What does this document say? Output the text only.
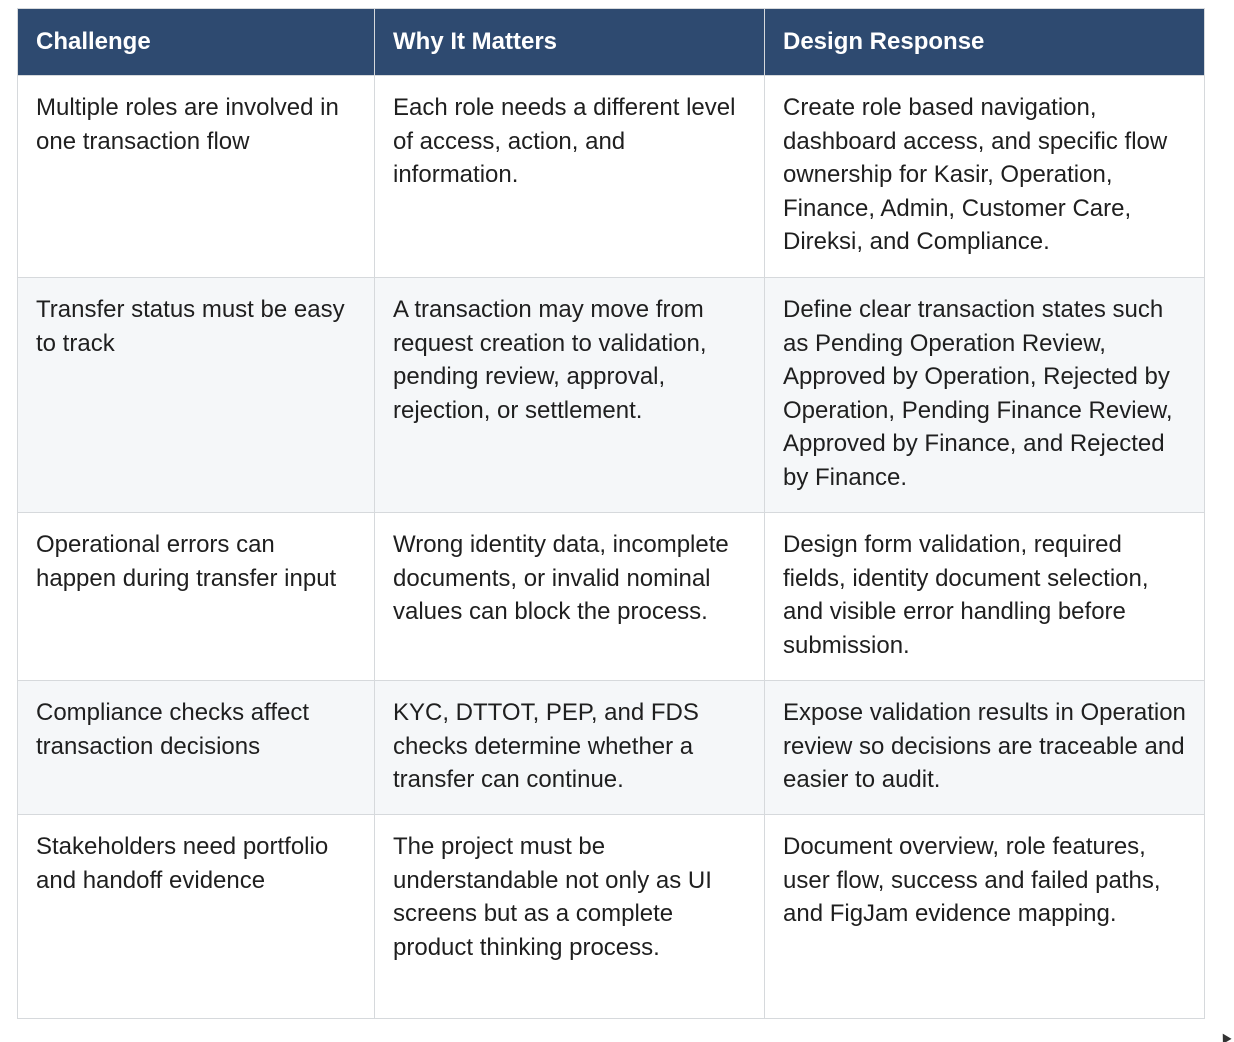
Challenge	Why It Matters	Design Response
Multiple roles are involved in one transaction flow	Each role needs a different level of access, action, and information.	Create role based navigation, dashboard access, and specific flow ownership for Kasir, Operation, Finance, Admin, Customer Care, Direksi, and Compliance.
Transfer status must be easy to track	A transaction may move from request creation to validation, pending review, approval, rejection, or settlement.	Define clear transaction states such as Pending Operation Review, Approved by Operation, Rejected by Operation, Pending Finance Review, Approved by Finance, and Rejected by Finance.
Operational errors can happen during transfer input	Wrong identity data, incomplete documents, or invalid nominal values can block the process.	Design form validation, required fields, identity document selection, and visible error handling before submission.
Compliance checks affect transaction decisions	KYC, DTTOT, PEP, and FDS checks determine whether a transfer can continue.	Expose validation results in Operation review so decisions are traceable and easier to audit.
Stakeholders need portfolio and handoff evidence	The project must be understandable not only as UI screens but as a complete product thinking process.	Document overview, role features, user flow, success and failed paths, and FigJam evidence mapping.
